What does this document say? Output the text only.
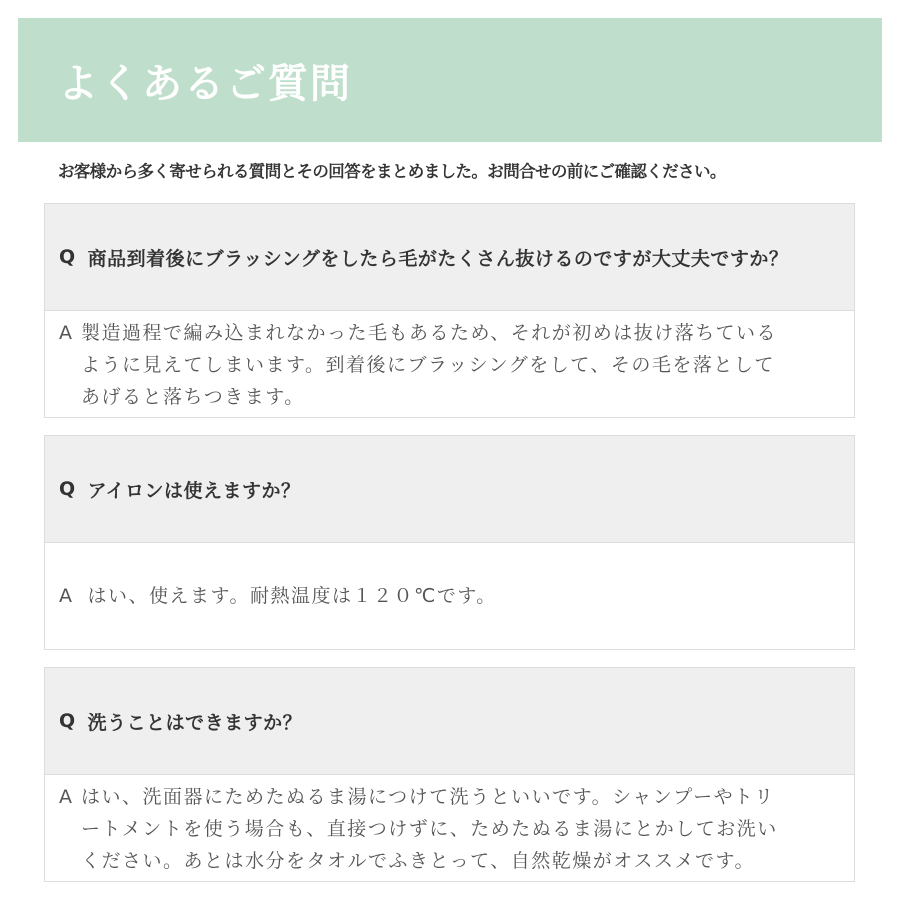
よくあるご質問
お客様から多く寄せられる質問とその回答をまとめました。お問合せの前にご確認ください。
Q 商品到着後にブラッシングをしたら毛がたくさん抜けるのですが大丈夫ですか？
A 製造過程で編み込まれなかった毛もあるため、それが初めは抜け落ちている
ように見えてしまいます。到着後にブラッシングをして、その毛を落として
あげると落ちつきます。
Q アイロンは使えますか？
A はい、使えます。耐熱温度は１２０℃です。
Q 洗うことはできますか？
A はい、洗面器にためたぬるま湯につけて洗うといいです。シャンプーやトリ
ートメントを使う場合も、直接つけずに、ためたぬるま湯にとかしてお洗い
ください。あとは水分をタオルでふきとって、自然乾燥がオススメです。
